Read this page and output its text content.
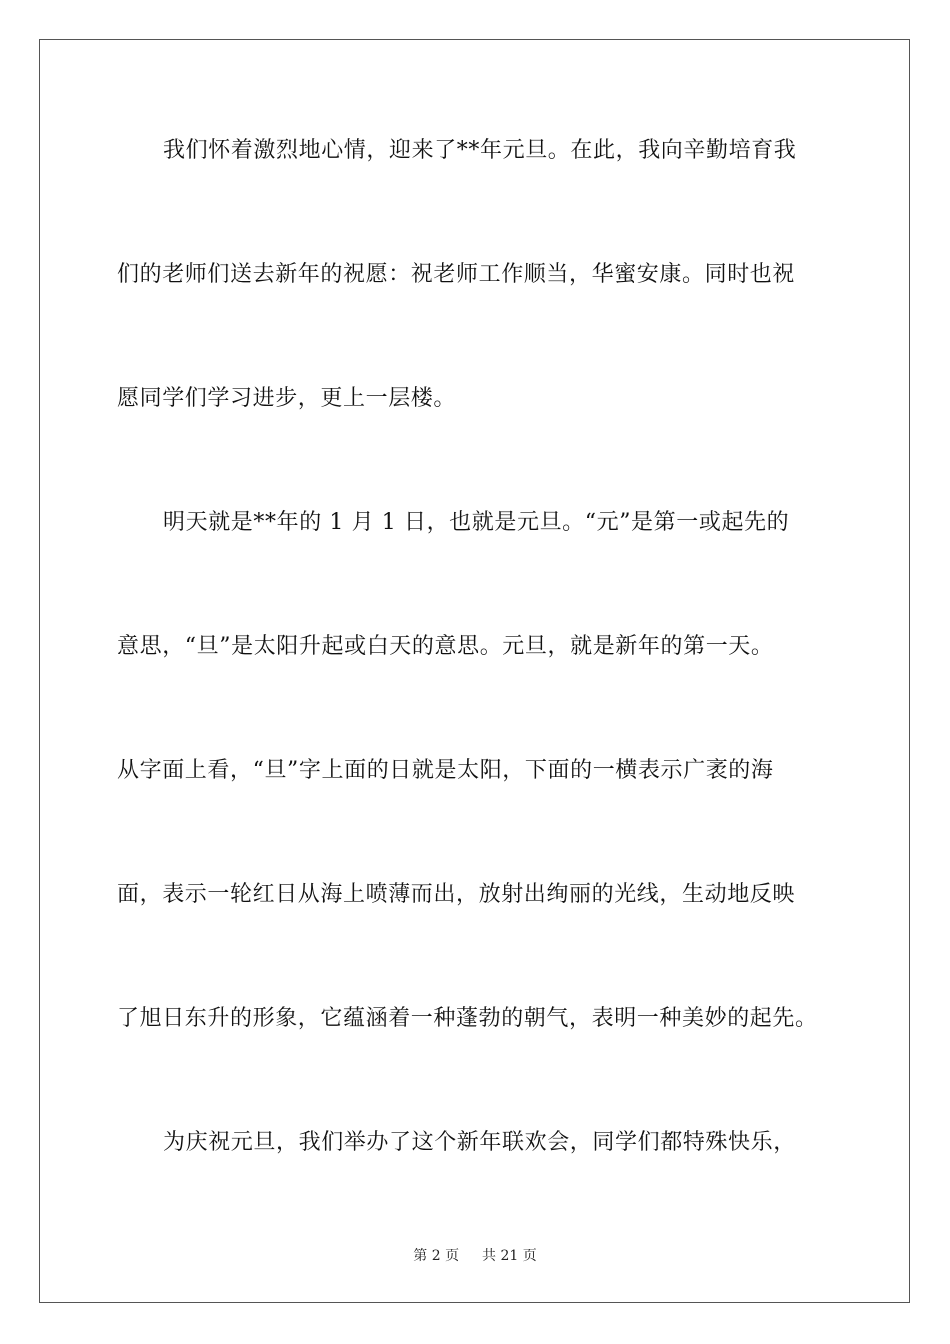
我们怀着激烈地心情，迎来了**年元旦。在此，我向辛勤培育我
们的老师们送去新年的祝愿：祝老师工作顺当，华蜜安康。同时也祝
愿同学们学习进步，更上一层楼。
明天就是**年的 1 月 1 日，也就是元旦。“元”是第一或起先的
意思，“旦”是太阳升起或白天的意思。元旦，就是新年的第一天。
从字面上看，“旦”字上面的日就是太阳，下面的一横表示广袤的海
面，表示一轮红日从海上喷薄而出，放射出绚丽的光线，生动地反映
了旭日东升的形象，它蕴涵着一种蓬勃的朝气，表明一种美妙的起先。
为庆祝元旦，我们举办了这个新年联欢会，同学们都特殊快乐，
第 2 页 共 21 页
